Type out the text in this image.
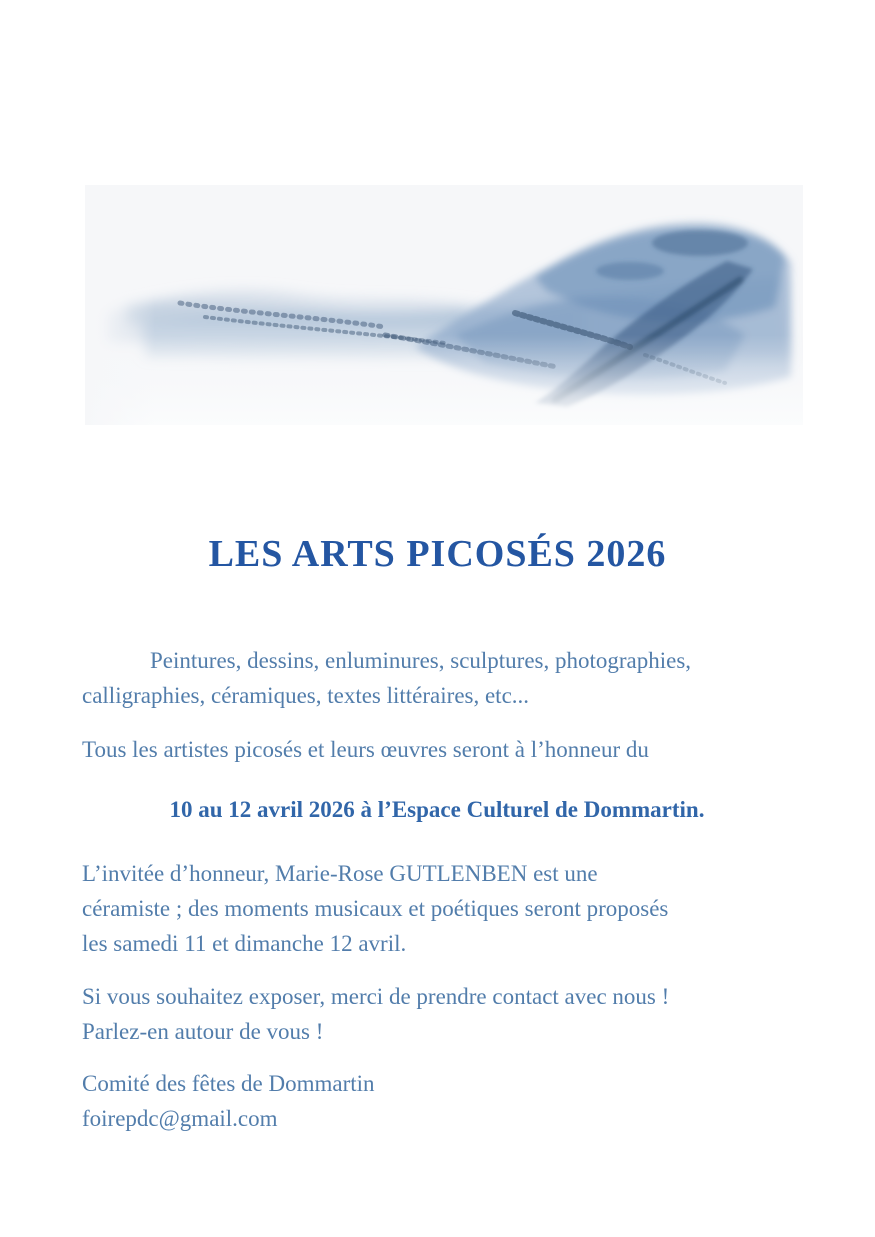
LES ARTS PICOSÉS 2026

Peintures, dessins, enluminures, sculptures, photographies,
calligraphies, céramiques, textes littéraires, etc...

Tous les artistes picosés et leurs œuvres seront à l’honneur du

10 au 12 avril 2026 à l’Espace Culturel de Dommartin.

L’invitée d’honneur, Marie-Rose GUTLENBEN est une
céramiste ; des moments musicaux et poétiques seront proposés
les samedi 11 et dimanche 12 avril.

Si vous souhaitez exposer, merci de prendre contact avec nous !
Parlez-en autour de vous !

Comité des fêtes de Dommartin
foirepdc@gmail.com
